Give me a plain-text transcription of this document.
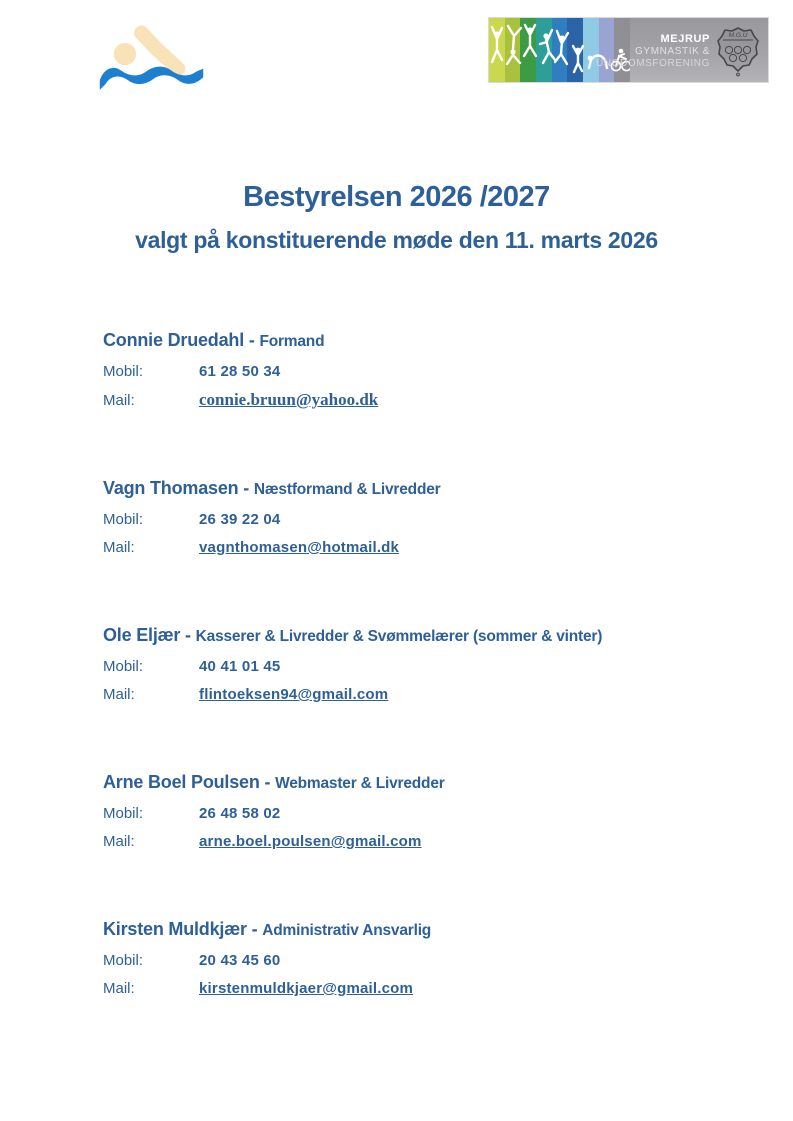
MEJRUP
GYMNASTIK &
UNGDOMSFORENING
M.G.U
Bestyrelsen 2026 /2027
valgt på konstituerende møde den 11. marts 2026
Connie Druedahl - Formand
Mobil:	61 28 50 34
Mail:	connie.bruun@yahoo.dk
Vagn Thomasen - Næstformand & Livredder
Mobil:	26 39 22 04
Mail:	vagnthomasen@hotmail.dk
Ole Eljær - Kasserer & Livredder & Svømmelærer (sommer & vinter)
Mobil:	40 41 01 45
Mail:	flintoeksen94@gmail.com
Arne Boel Poulsen - Webmaster & Livredder
Mobil:	26 48 58 02
Mail:	arne.boel.poulsen@gmail.com
Kirsten Muldkjær - Administrativ Ansvarlig
Mobil:	20 43 45 60
Mail:	kirstenmuldkjaer@gmail.com
